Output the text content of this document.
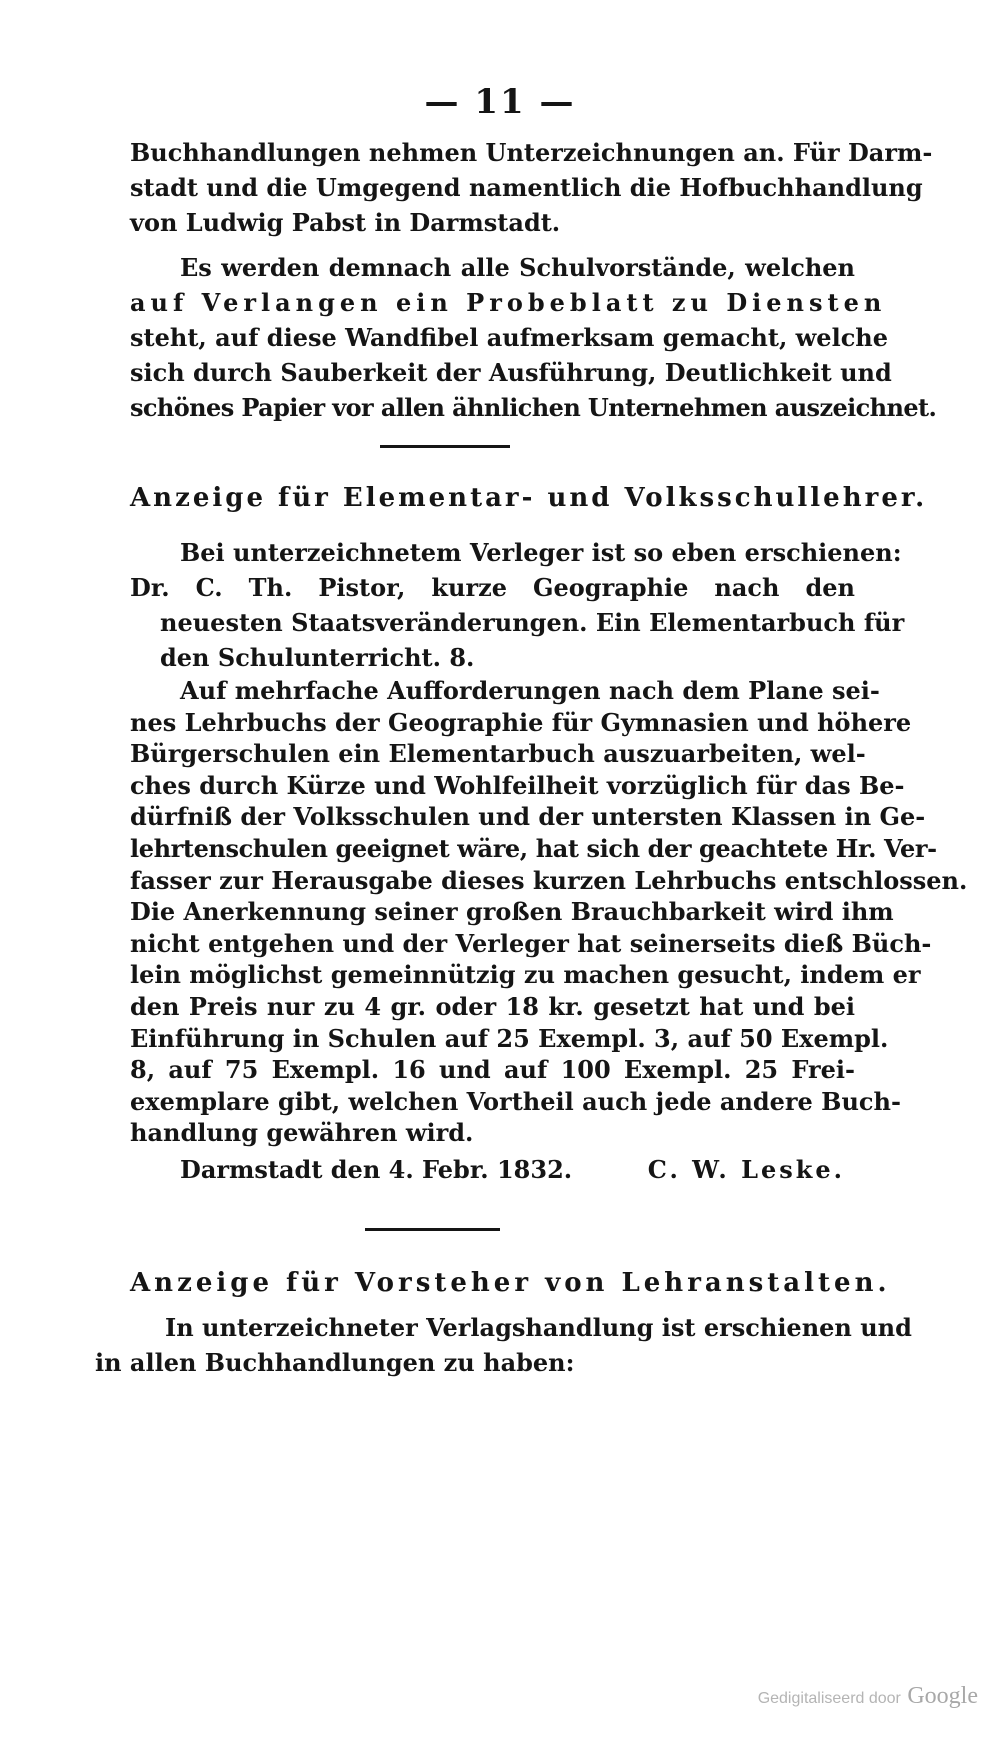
— 11 —
Buchhandlungen nehmen Unterzeichnungen an. Für Darm-
stadt und die Umgegend namentlich die Hofbuchhandlung
von Ludwig Pabst in Darmstadt.
Es werden demnach alle Schulvorstände, welchen
auf Verlangen ein Probeblatt zu Diensten
steht, auf diese Wandfibel aufmerksam gemacht, welche
sich durch Sauberkeit der Ausführung, Deutlichkeit und
schönes Papier vor allen ähnlichen Unternehmen auszeichnet.
Anzeige für Elementar- und Volksschullehrer.
Bei unterzeichnetem Verleger ist so eben erschienen:
Dr. C. Th. Pistor, kurze Geographie nach den
neuesten Staatsveränderungen. Ein Elementarbuch für
den Schulunterricht. 8.
Auf mehrfache Aufforderungen nach dem Plane sei-
nes Lehrbuchs der Geographie für Gymnasien und höhere
Bürgerschulen ein Elementarbuch auszuarbeiten, wel-
ches durch Kürze und Wohlfeilheit vorzüglich für das Be-
dürfniß der Volksschulen und der untersten Klassen in Ge-
lehrtenschulen geeignet wäre, hat sich der geachtete Hr. Ver-
fasser zur Herausgabe dieses kurzen Lehrbuchs entschlossen.
Die Anerkennung seiner großen Brauchbarkeit wird ihm
nicht entgehen und der Verleger hat seinerseits dieß Büch-
lein möglichst gemeinnützig zu machen gesucht, indem er
den Preis nur zu 4 gr. oder 18 kr. gesetzt hat und bei
Einführung in Schulen auf 25 Exempl. 3, auf 50 Exempl.
8, auf 75 Exempl. 16 und auf 100 Exempl. 25 Frei-
exemplare gibt, welchen Vortheil auch jede andere Buch-
handlung gewähren wird.
Darmstadt den 4. Febr. 1832.	C. W. Leske.
Anzeige für Vorsteher von Lehranstalten.
In unterzeichneter Verlagshandlung ist erschienen und
in allen Buchhandlungen zu haben:
Gedigitaliseerd door Google
